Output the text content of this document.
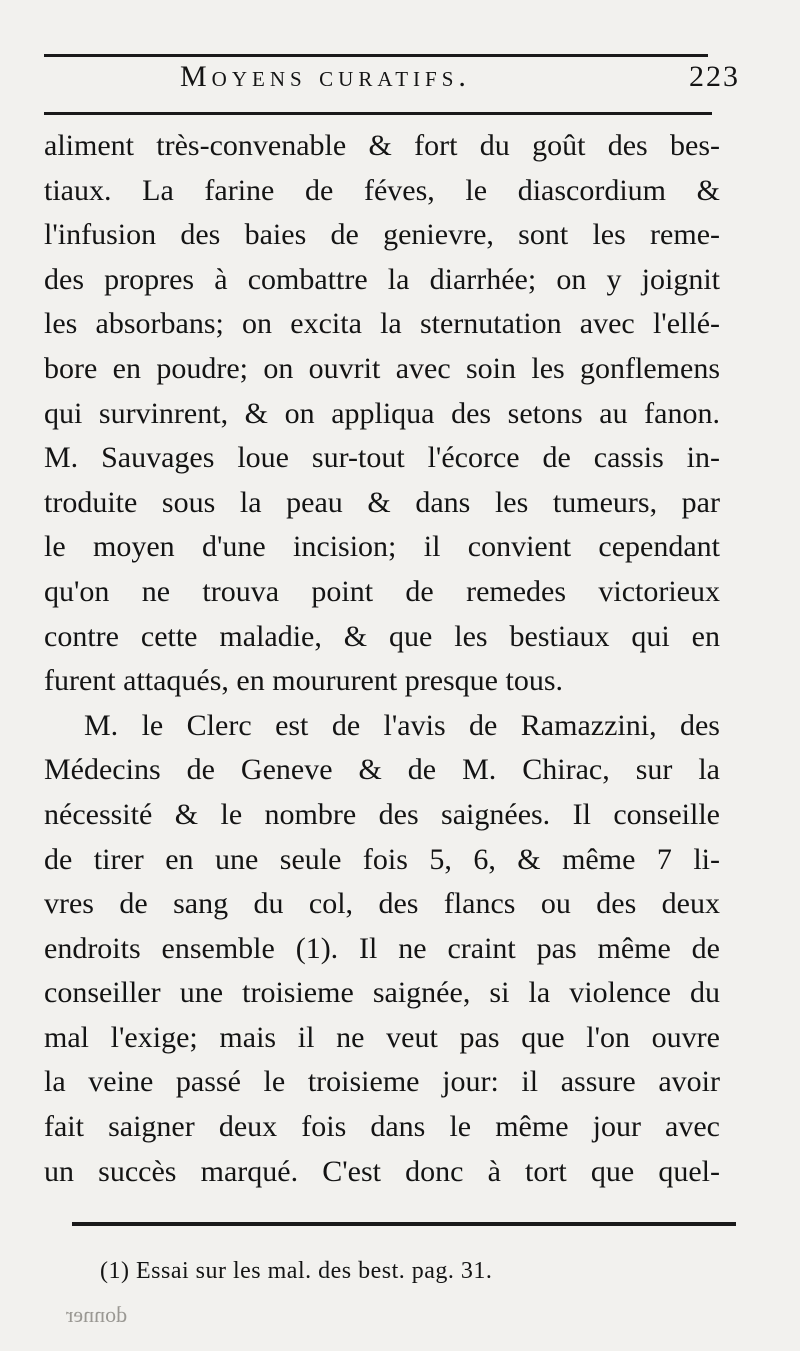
Moyens curatifs.	223
aliment très-convenable & fort du goût des bes-
tiaux. La farine de féves, le diascordium &
l'infusion des baies de genievre, sont les reme-
des propres à combattre la diarrhée; on y joignit
les absorbans; on excita la sternutation avec l'ellé-
bore en poudre; on ouvrit avec soin les gonflemens
qui survinrent, & on appliqua des setons au fanon.
M. Sauvages loue sur-tout l'écorce de cassis in-
troduite sous la peau & dans les tumeurs, par
le moyen d'une incision; il convient cependant
qu'on ne trouva point de remedes victorieux
contre cette maladie, & que les bestiaux qui en
furent attaqués, en moururent presque tous.
M. le Clerc est de l'avis de Ramazzini, des
Médecins de Geneve & de M. Chirac, sur la
nécessité & le nombre des saignées. Il conseille
de tirer en une seule fois 5, 6, & même 7 li-
vres de sang du col, des flancs ou des deux
endroits ensemble (1). Il ne craint pas même de
conseiller une troisieme saignée, si la violence du
mal l'exige; mais il ne veut pas que l'on ouvre
la veine passé le troisieme jour: il assure avoir
fait saigner deux fois dans le même jour avec
un succès marqué. C'est donc à tort que quel-
(1) Essai sur les mal. des best. pag. 31.
donner
